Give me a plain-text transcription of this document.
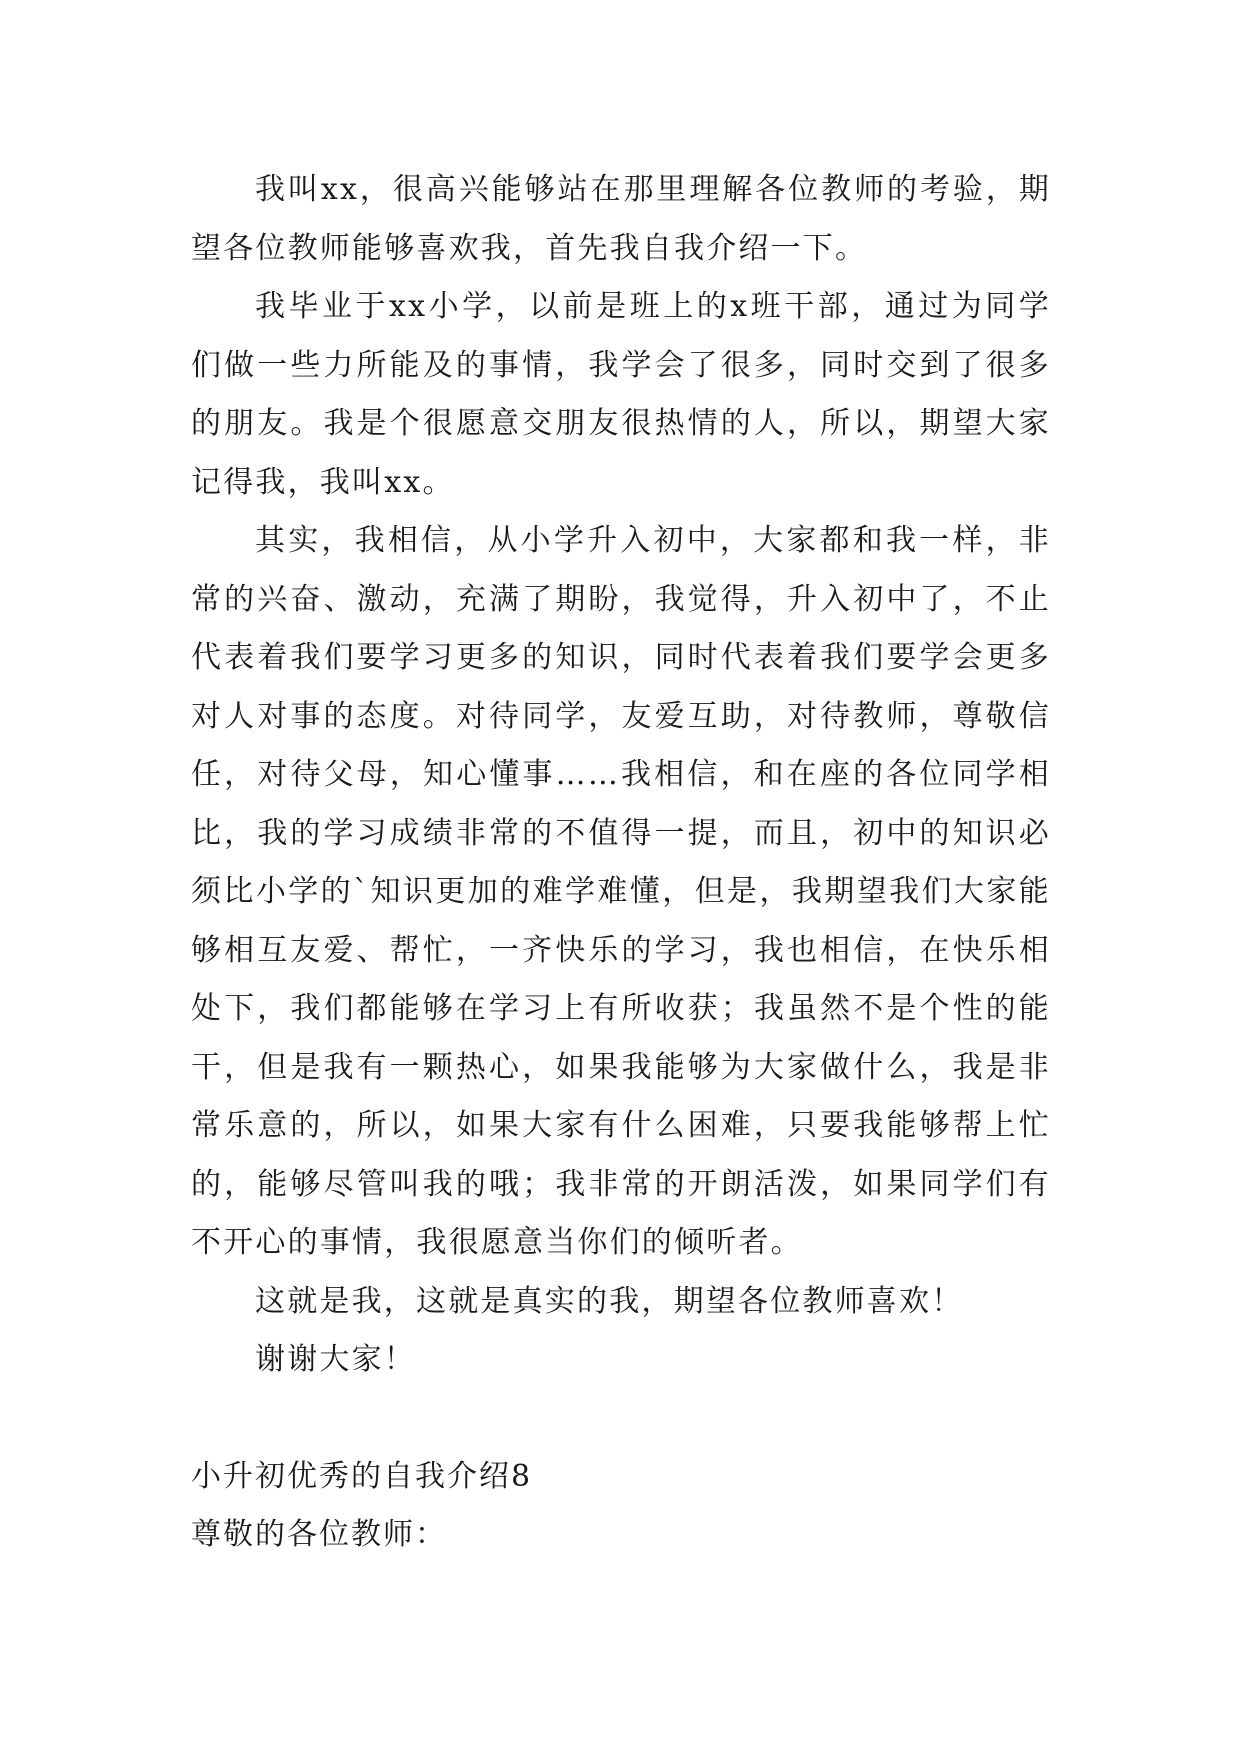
我叫xx，很高兴能够站在那里理解各位教师的考验，期望各位教师能够喜欢我，首先我自我介绍一下。

我毕业于xx小学，以前是班上的x班干部，通过为同学们做一些力所能及的事情，我学会了很多，同时交到了很多的朋友。我是个很愿意交朋友很热情的人，所以，期望大家记得我，我叫xx。

其实，我相信，从小学升入初中，大家都和我一样，非常的兴奋、激动，充满了期盼，我觉得，升入初中了，不止代表着我们要学习更多的知识，同时代表着我们要学会更多对人对事的态度。对待同学，友爱互助，对待教师，尊敬信任，对待父母，知心懂事……我相信，和在座的各位同学相比，我的学习成绩非常的不值得一提，而且，初中的知识必须比小学的`知识更加的难学难懂，但是，我期望我们大家能够相互友爱、帮忙，一齐快乐的学习，我也相信，在快乐相处下，我们都能够在学习上有所收获；我虽然不是个性的能干，但是我有一颗热心，如果我能够为大家做什么，我是非常乐意的，所以，如果大家有什么困难，只要我能够帮上忙的，能够尽管叫我的哦；我非常的开朗活泼，如果同学们有不开心的事情，我很愿意当你们的倾听者。

这就是我，这就是真实的我，期望各位教师喜欢！

谢谢大家！

小升初优秀的自我介绍8

尊敬的各位教师：
